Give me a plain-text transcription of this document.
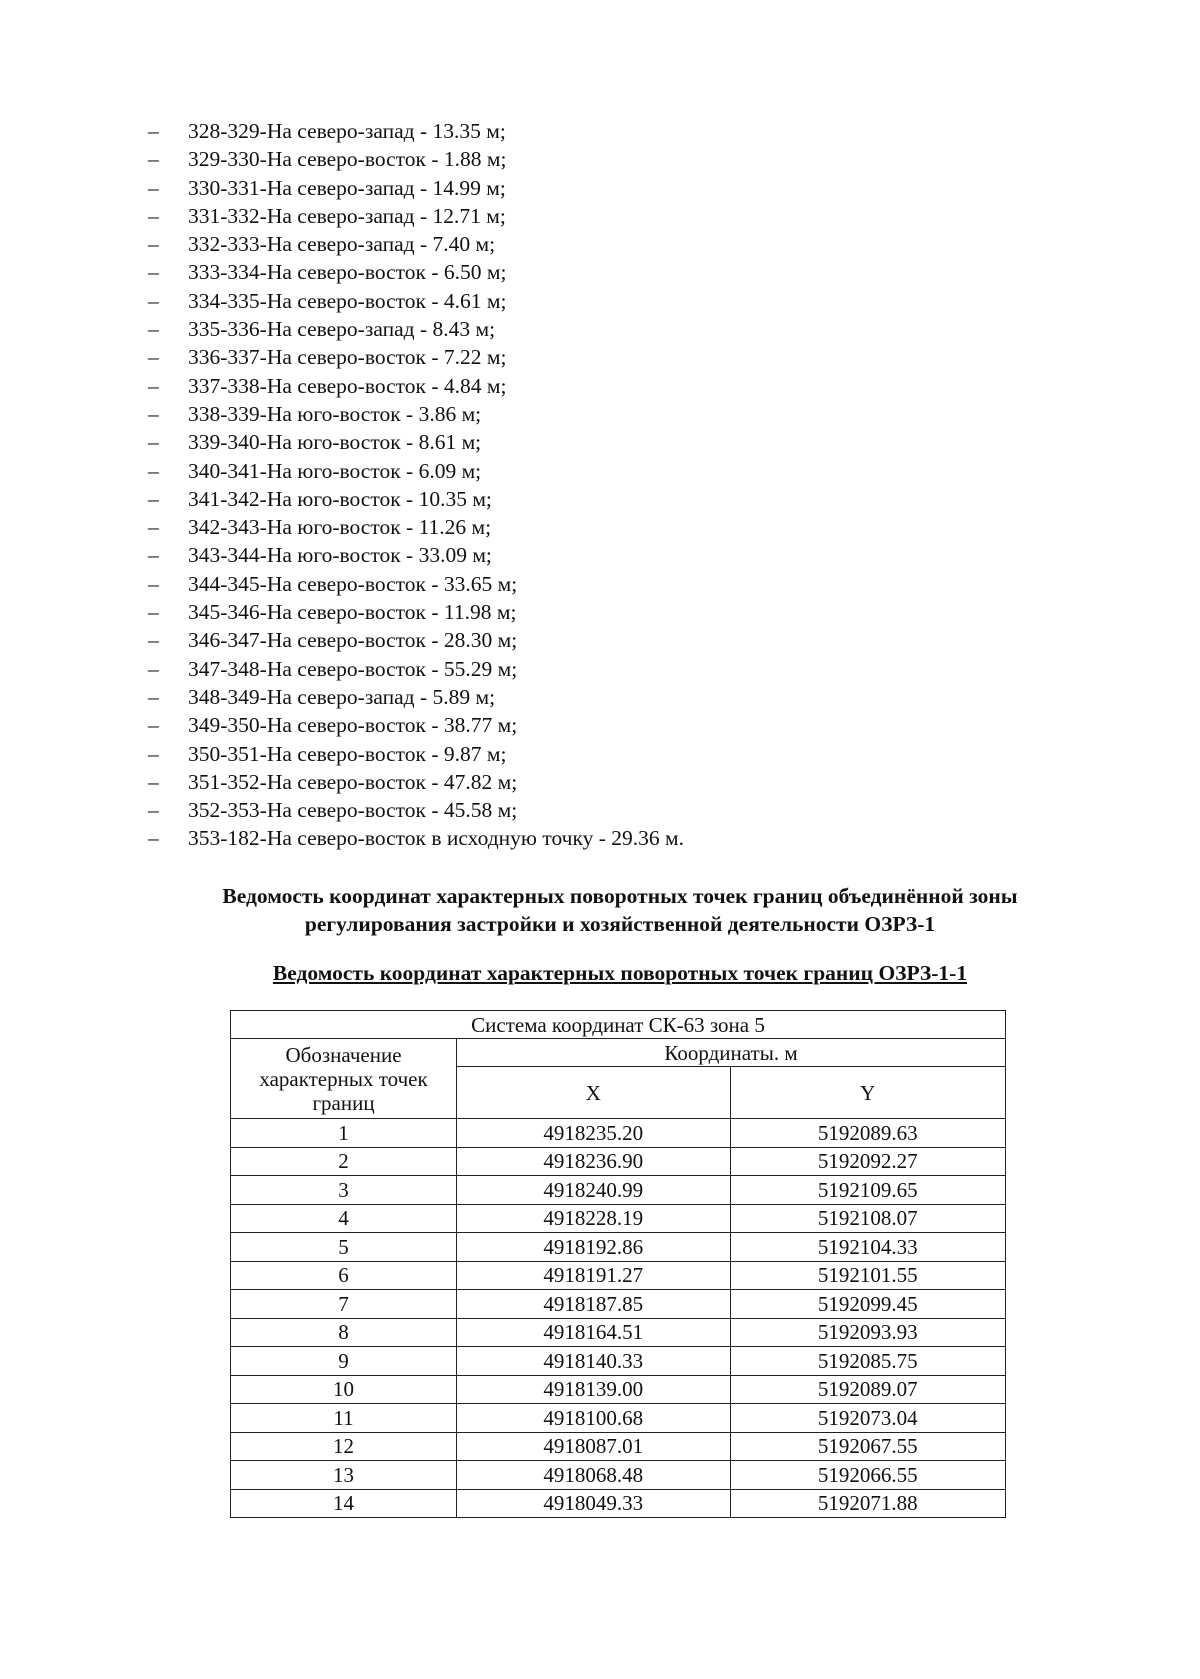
–	328-329-На северо-запад - 13.35 м;
–	329-330-На северо-восток - 1.88 м;
–	330-331-На северо-запад - 14.99 м;
–	331-332-На северо-запад - 12.71 м;
–	332-333-На северо-запад - 7.40 м;
–	333-334-На северо-восток - 6.50 м;
–	334-335-На северо-восток - 4.61 м;
–	335-336-На северо-запад - 8.43 м;
–	336-337-На северо-восток - 7.22 м;
–	337-338-На северо-восток - 4.84 м;
–	338-339-На юго-восток - 3.86 м;
–	339-340-На юго-восток - 8.61 м;
–	340-341-На юго-восток - 6.09 м;
–	341-342-На юго-восток - 10.35 м;
–	342-343-На юго-восток - 11.26 м;
–	343-344-На юго-восток - 33.09 м;
–	344-345-На северо-восток - 33.65 м;
–	345-346-На северо-восток - 11.98 м;
–	346-347-На северо-восток - 28.30 м;
–	347-348-На северо-восток - 55.29 м;
–	348-349-На северо-запад - 5.89 м;
–	349-350-На северо-восток - 38.77 м;
–	350-351-На северо-восток - 9.87 м;
–	351-352-На северо-восток - 47.82 м;
–	352-353-На северо-восток - 45.58 м;
–	353-182-На северо-восток в исходную точку - 29.36 м.
Ведомость координат характерных поворотных точек границ объединённой зоны
регулирования застройки и хозяйственной деятельности ОЗРЗ-1
Ведомость координат характерных поворотных точек границ ОЗРЗ-1-1
Система координат СК-63 зона 5		
Обозначение характерных точек границ	Координаты. м	
	X	Y
1	4918235.20	5192089.63
2	4918236.90	5192092.27
3	4918240.99	5192109.65
4	4918228.19	5192108.07
5	4918192.86	5192104.33
6	4918191.27	5192101.55
7	4918187.85	5192099.45
8	4918164.51	5192093.93
9	4918140.33	5192085.75
10	4918139.00	5192089.07
11	4918100.68	5192073.04
12	4918087.01	5192067.55
13	4918068.48	5192066.55
14	4918049.33	5192071.88
